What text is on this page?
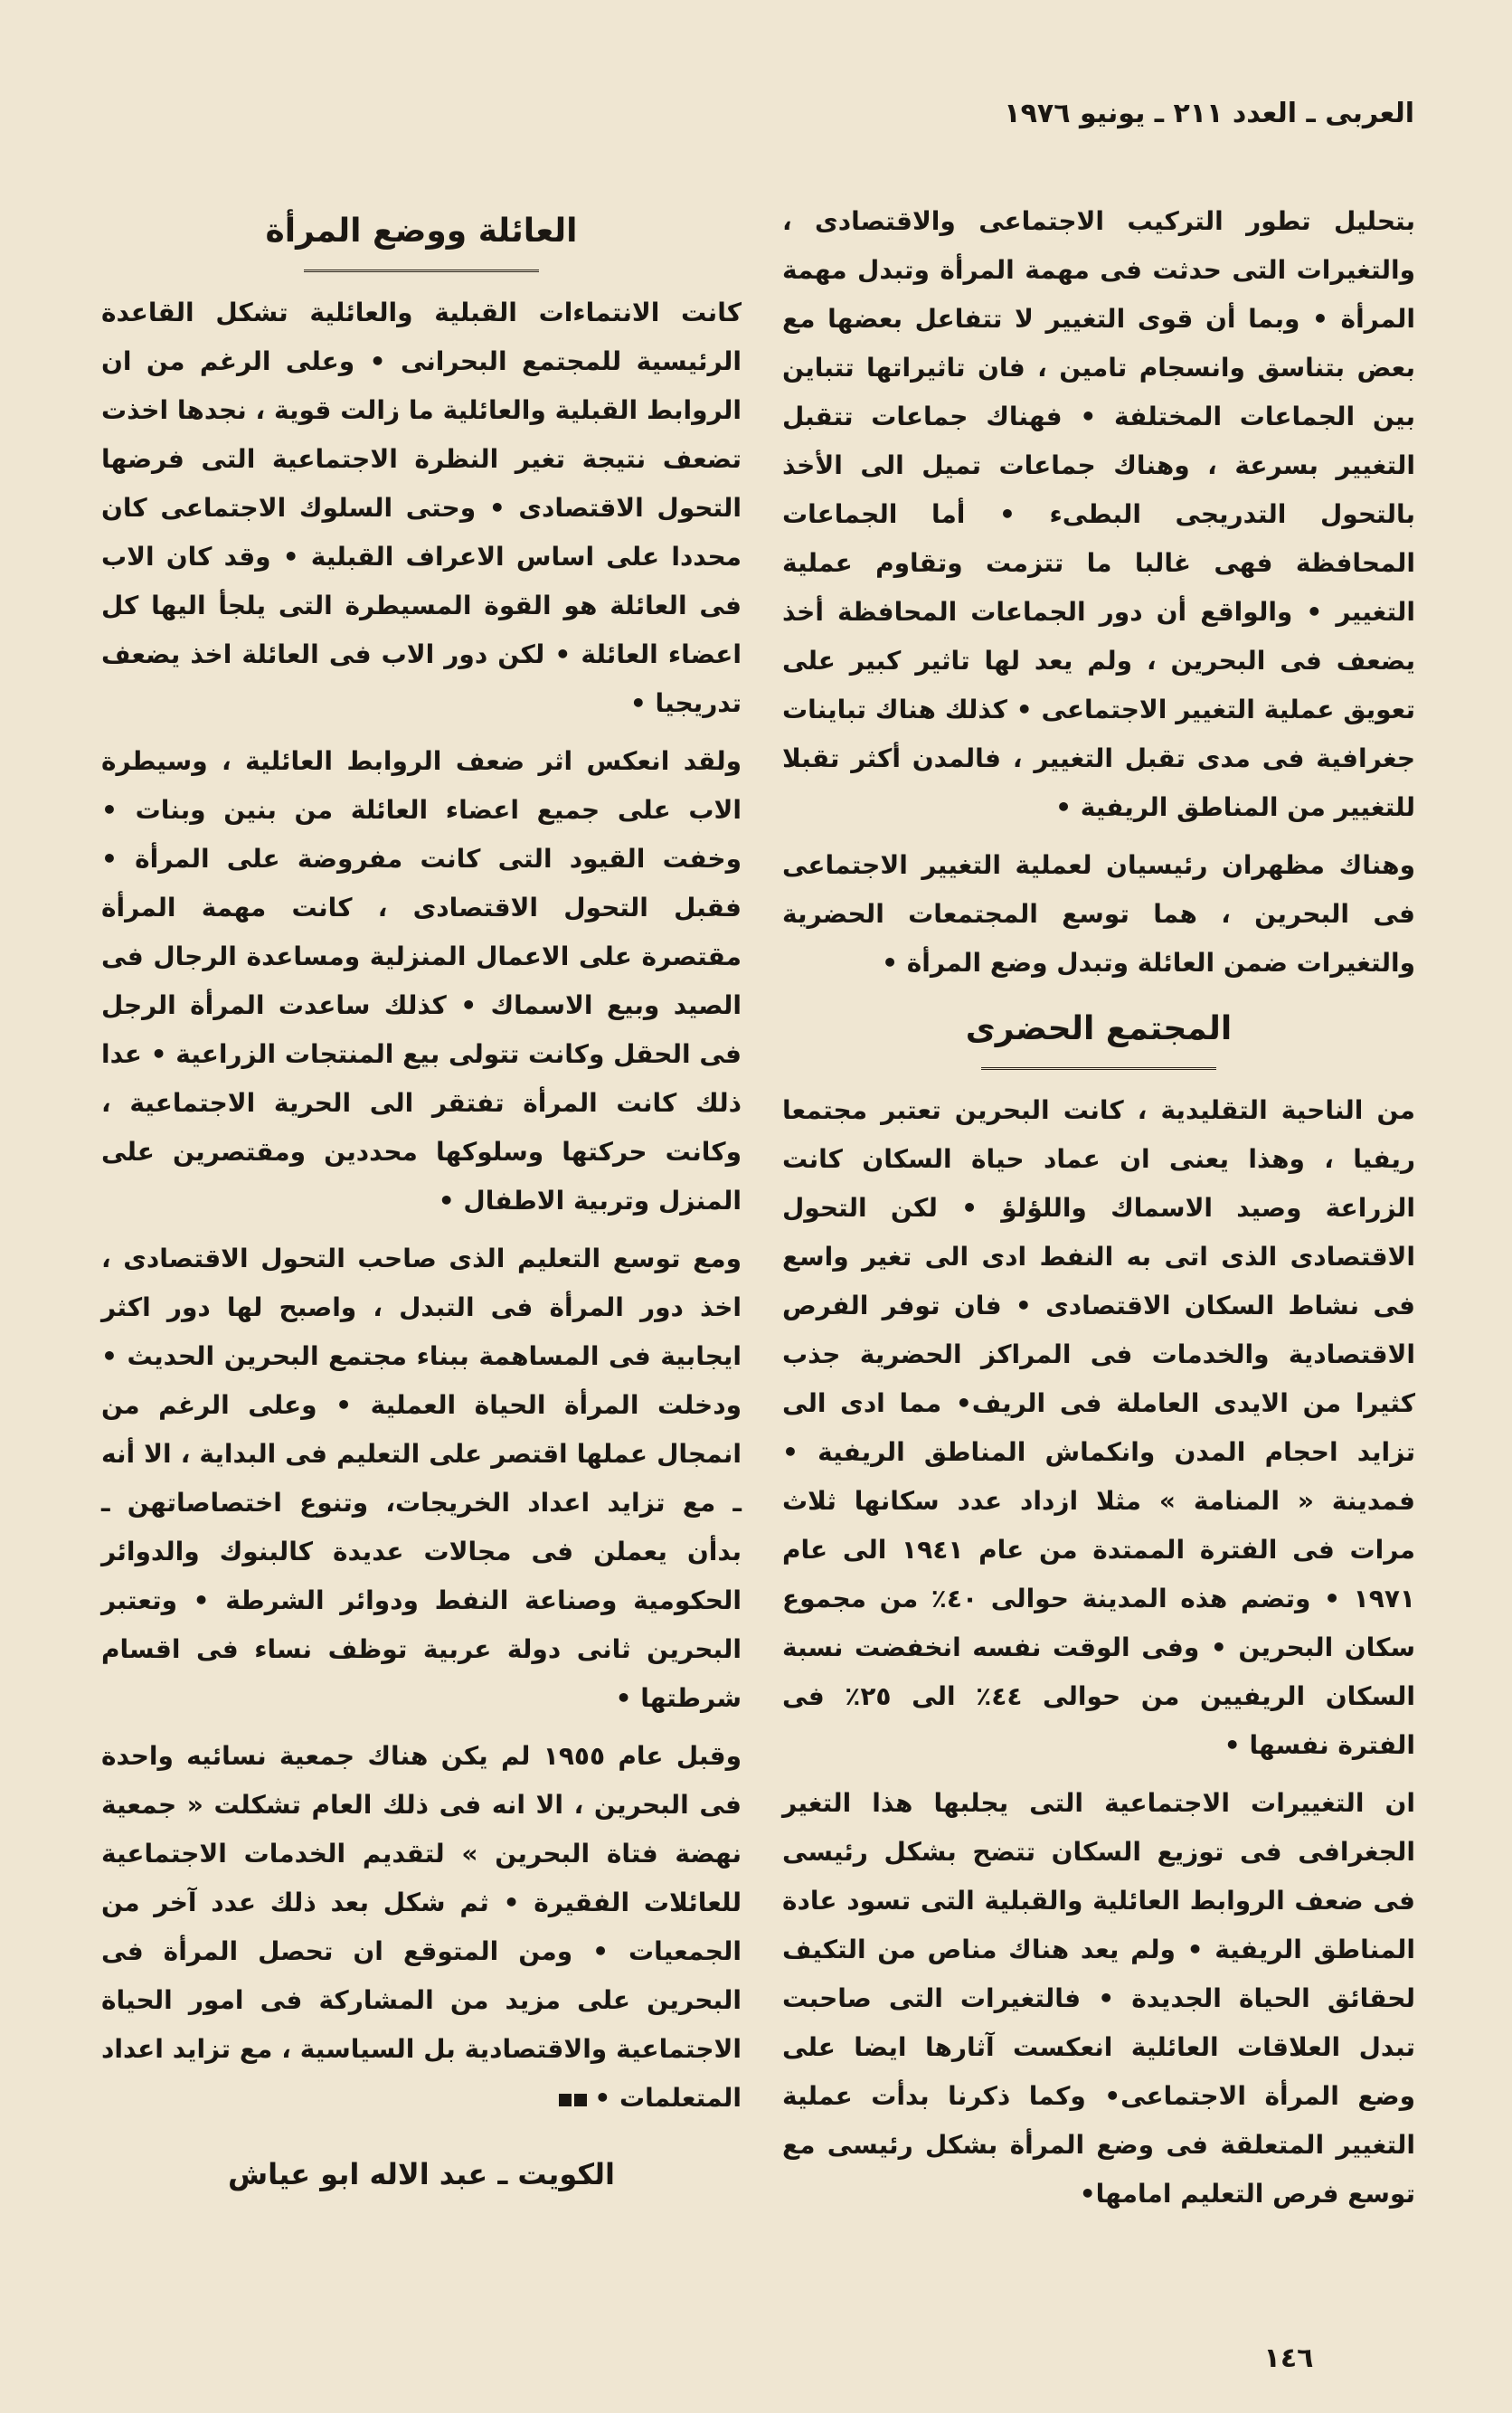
العربى ـ العدد ٢١١ ـ يونيو ١٩٧٦

بتحليل تطور التركيب الاجتماعى والاقتصادى ، والتغيرات التى حدثت فى مهمة المرأة وتبدل مهمة المرأة • وبما أن قوى التغيير لا تتفاعل بعضها مع بعض بتناسق وانسجام تامين ، فان تاثيراتها تتباين بين الجماعات المختلفة • فهناك جماعات تتقبل التغيير بسرعة ، وهناك جماعات تميل الى الأخذ بالتحول التدريجى البطىء • أما الجماعات المحافظة فهى غالبا ما تتزمت وتقاوم عملية التغيير • والواقع أن دور الجماعات المحافظة أخذ يضعف فى البحرين ، ولم يعد لها تاثير كبير على تعويق عملية التغيير الاجتماعى • كذلك هناك تباينات جغرافية فى مدى تقبل التغيير ، فالمدن أكثر تقبلا للتغيير من المناطق الريفية •

وهناك مظهران رئيسيان لعملية التغيير الاجتماعى فى البحرين ، هما توسع المجتمعات الحضرية والتغيرات ضمن العائلة وتبدل وضع المرأة •

المجتمع الحضرى

من الناحية التقليدية ، كانت البحرين تعتبر مجتمعا ريفيا ، وهذا يعنى ان عماد حياة السكان كانت الزراعة وصيد الاسماك واللؤلؤ • لكن التحول الاقتصادى الذى اتى به النفط ادى الى تغير واسع فى نشاط السكان الاقتصادى • فان توفر الفرص الاقتصادية والخدمات فى المراكز الحضرية جذب كثيرا من الايدى العاملة فى الريف• مما ادى الى تزايد احجام المدن وانكماش المناطق الريفية • فمدينة « المنامة » مثلا ازداد عدد سكانها ثلاث مرات فى الفترة الممتدة من عام ١٩٤١ الى عام ١٩٧١ • وتضم هذه المدينة حوالى ٤٠٪ من مجموع سكان البحرين • وفى الوقت نفسه انخفضت نسبة السكان الريفيين من حوالى ٤٤٪ الى ٢٥٪ فى الفترة نفسها •

ان التغييرات الاجتماعية التى يجلبها هذا التغير الجغرافى فى توزيع السكان تتضح بشكل رئيسى فى ضعف الروابط العائلية والقبلية التى تسود عادة المناطق الريفية • ولم يعد هناك مناص من التكيف لحقائق الحياة الجديدة • فالتغيرات التى صاحبت تبدل العلاقات العائلية انعكست آثارها ايضا على وضع المرأة الاجتماعى• وكما ذكرنا بدأت عملية التغيير المتعلقة فى وضع المرأة بشكل رئيسى مع توسع فرص التعليم امامها•

العائلة ووضع المرأة

كانت الانتماءات القبلية والعائلية تشكل القاعدة الرئيسية للمجتمع البحرانى • وعلى الرغم من ان الروابط القبلية والعائلية ما زالت قوية ، نجدها اخذت تضعف نتيجة تغير النظرة الاجتماعية التى فرضها التحول الاقتصادى • وحتى السلوك الاجتماعى كان محددا على اساس الاعراف القبلية • وقد كان الاب فى العائلة هو القوة المسيطرة التى يلجأ اليها كل اعضاء العائلة • لكن دور الاب فى العائلة اخذ يضعف تدريجيا •

ولقد انعكس اثر ضعف الروابط العائلية ، وسيطرة الاب على جميع اعضاء العائلة من بنين وبنات • وخفت القيود التى كانت مفروضة على المرأة • فقبل التحول الاقتصادى ، كانت مهمة المرأة مقتصرة على الاعمال المنزلية ومساعدة الرجال فى الصيد وبيع الاسماك • كذلك ساعدت المرأة الرجل فى الحقل وكانت تتولى بيع المنتجات الزراعية • عدا ذلك كانت المرأة تفتقر الى الحرية الاجتماعية ، وكانت حركتها وسلوكها محددين ومقتصرين على المنزل وتربية الاطفال •

ومع توسع التعليم الذى صاحب التحول الاقتصادى ، اخذ دور المرأة فى التبدل ، واصبح لها دور اكثر ايجابية فى المساهمة ببناء مجتمع البحرين الحديث • ودخلت المرأة الحياة العملية • وعلى الرغم من انمجال عملها اقتصر على التعليم فى البداية ، الا أنه ـ مع تزايد اعداد الخريجات، وتنوع اختصاصاتهن ـ بدأن يعملن فى مجالات عديدة كالبنوك والدوائر الحكومية وصناعة النفط ودوائر الشرطة • وتعتبر البحرين ثانى دولة عربية توظف نساء فى اقسام شرطتها •

وقبل عام ١٩٥٥ لم يكن هناك جمعية نسائيه واحدة فى البحرين ، الا انه فى ذلك العام تشكلت « جمعية نهضة فتاة البحرين » لتقديم الخدمات الاجتماعية للعائلات الفقيرة • ثم شكل بعد ذلك عدد آخر من الجمعيات • ومن المتوقع ان تحصل المرأة فى البحرين على مزيد من المشاركة فى امور الحياة الاجتماعية والاقتصادية بل السياسية ، مع تزايد اعداد المتعلمات •

الكويت ـ عبد الاله ابو عياش
١٤٦
